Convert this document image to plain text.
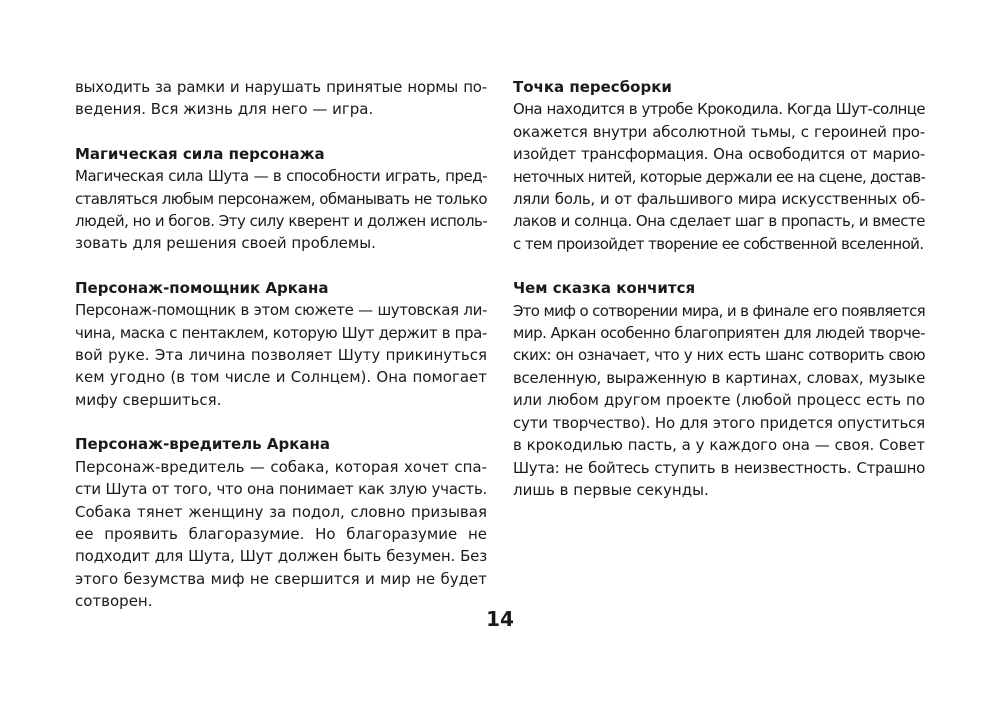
выходить за рамки и нарушать принятые нормы по-
ведения. Вся жизнь для него — игра.
Магическая сила персонажа
Магическая сила Шута — в способности играть, пред-
ставляться любым персонажем, обманывать не только
людей, но и богов. Эту силу кверент и должен исполь-
зовать для решения своей проблемы.
Персонаж-помощник Аркана
Персонаж-помощник в этом сюжете — шутовская ли-
чина, маска с пентаклем, которую Шут держит в пра-
вой руке. Эта личина позволяет Шуту прикинуться
кем угодно (в том числе и Солнцем). Она помогает
мифу свершиться.
Персонаж-вредитель Аркана
Персонаж-вредитель — собака, которая хочет спа-
сти Шута от того, что она понимает как злую участь.
Собака тянет женщину за подол, словно призывая
ее проявить благоразумие. Но благоразумие не
подходит для Шута, Шут должен быть безумен. Без
этого безумства миф не свершится и мир не будет
сотворен.
Точка пересборки
Она находится в утробе Крокодила. Когда Шут-солнце
окажется внутри абсолютной тьмы, с героиней про-
изойдет трансформация. Она освободится от марио-
неточных нитей, которые держали ее на сцене, достав-
ляли боль, и от фальшивого мира искусственных об-
лаков и солнца. Она сделает шаг в пропасть, и вместе
с тем произойдет творение ее собственной вселенной.
Чем сказка кончится
Это миф о сотворении мира, и в финале его появляется
мир. Аркан особенно благоприятен для людей творче-
ских: он означает, что у них есть шанс сотворить свою
вселенную, выраженную в картинах, словах, музыке
или любом другом проекте (любой процесс есть по
сути творчество). Но для этого придется опуститься
в крокодилью пасть, а у каждого она — своя. Совет
Шута: не бойтесь ступить в неизвестность. Страшно
лишь в первые секунды.
14
